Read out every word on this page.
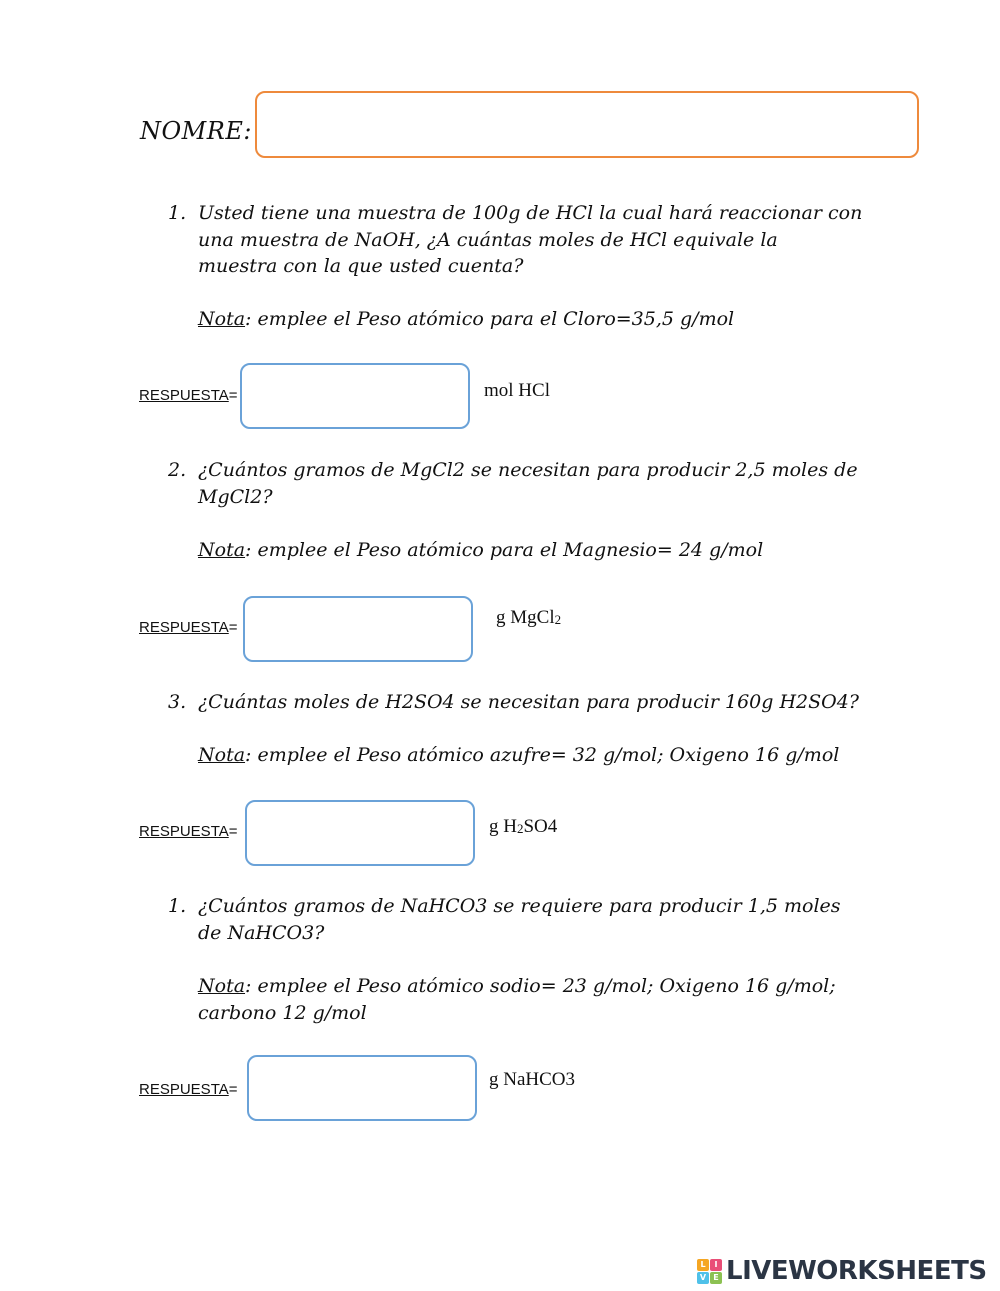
NOMRE:
1. Usted tiene una muestra de 100g de HCl la cual hará reaccionar con una muestra de NaOH, ¿A cuántas moles de HCl equivale la muestra con la que usted cuenta?
Nota: emplee el Peso atómico para el Cloro=35,5 g/mol
RESPUESTA=	mol HCl
2. ¿Cuántos gramos de MgCl2 se necesitan para producir 2,5 moles de MgCl2?
Nota: emplee el Peso atómico para el Magnesio= 24 g/mol
RESPUESTA=	g MgCl$_2$
3. ¿Cuántas moles de H2SO4 se necesitan para producir 160g H2SO4?
Nota: emplee el Peso atómico azufre= 32 g/mol; Oxigeno 16 g/mol
RESPUESTA=	g $H_2SO4$
1. ¿Cuántos gramos de NaHCO3 se requiere para producir 1,5 moles de NaHCO3?
Nota: emplee el Peso atómico sodio= 23 g/mol; Oxigeno 16 g/mol; carbono 12 g/mol
RESPUESTA=	g NaHCO3
L	I
V E LIVEWORKSHEETS
